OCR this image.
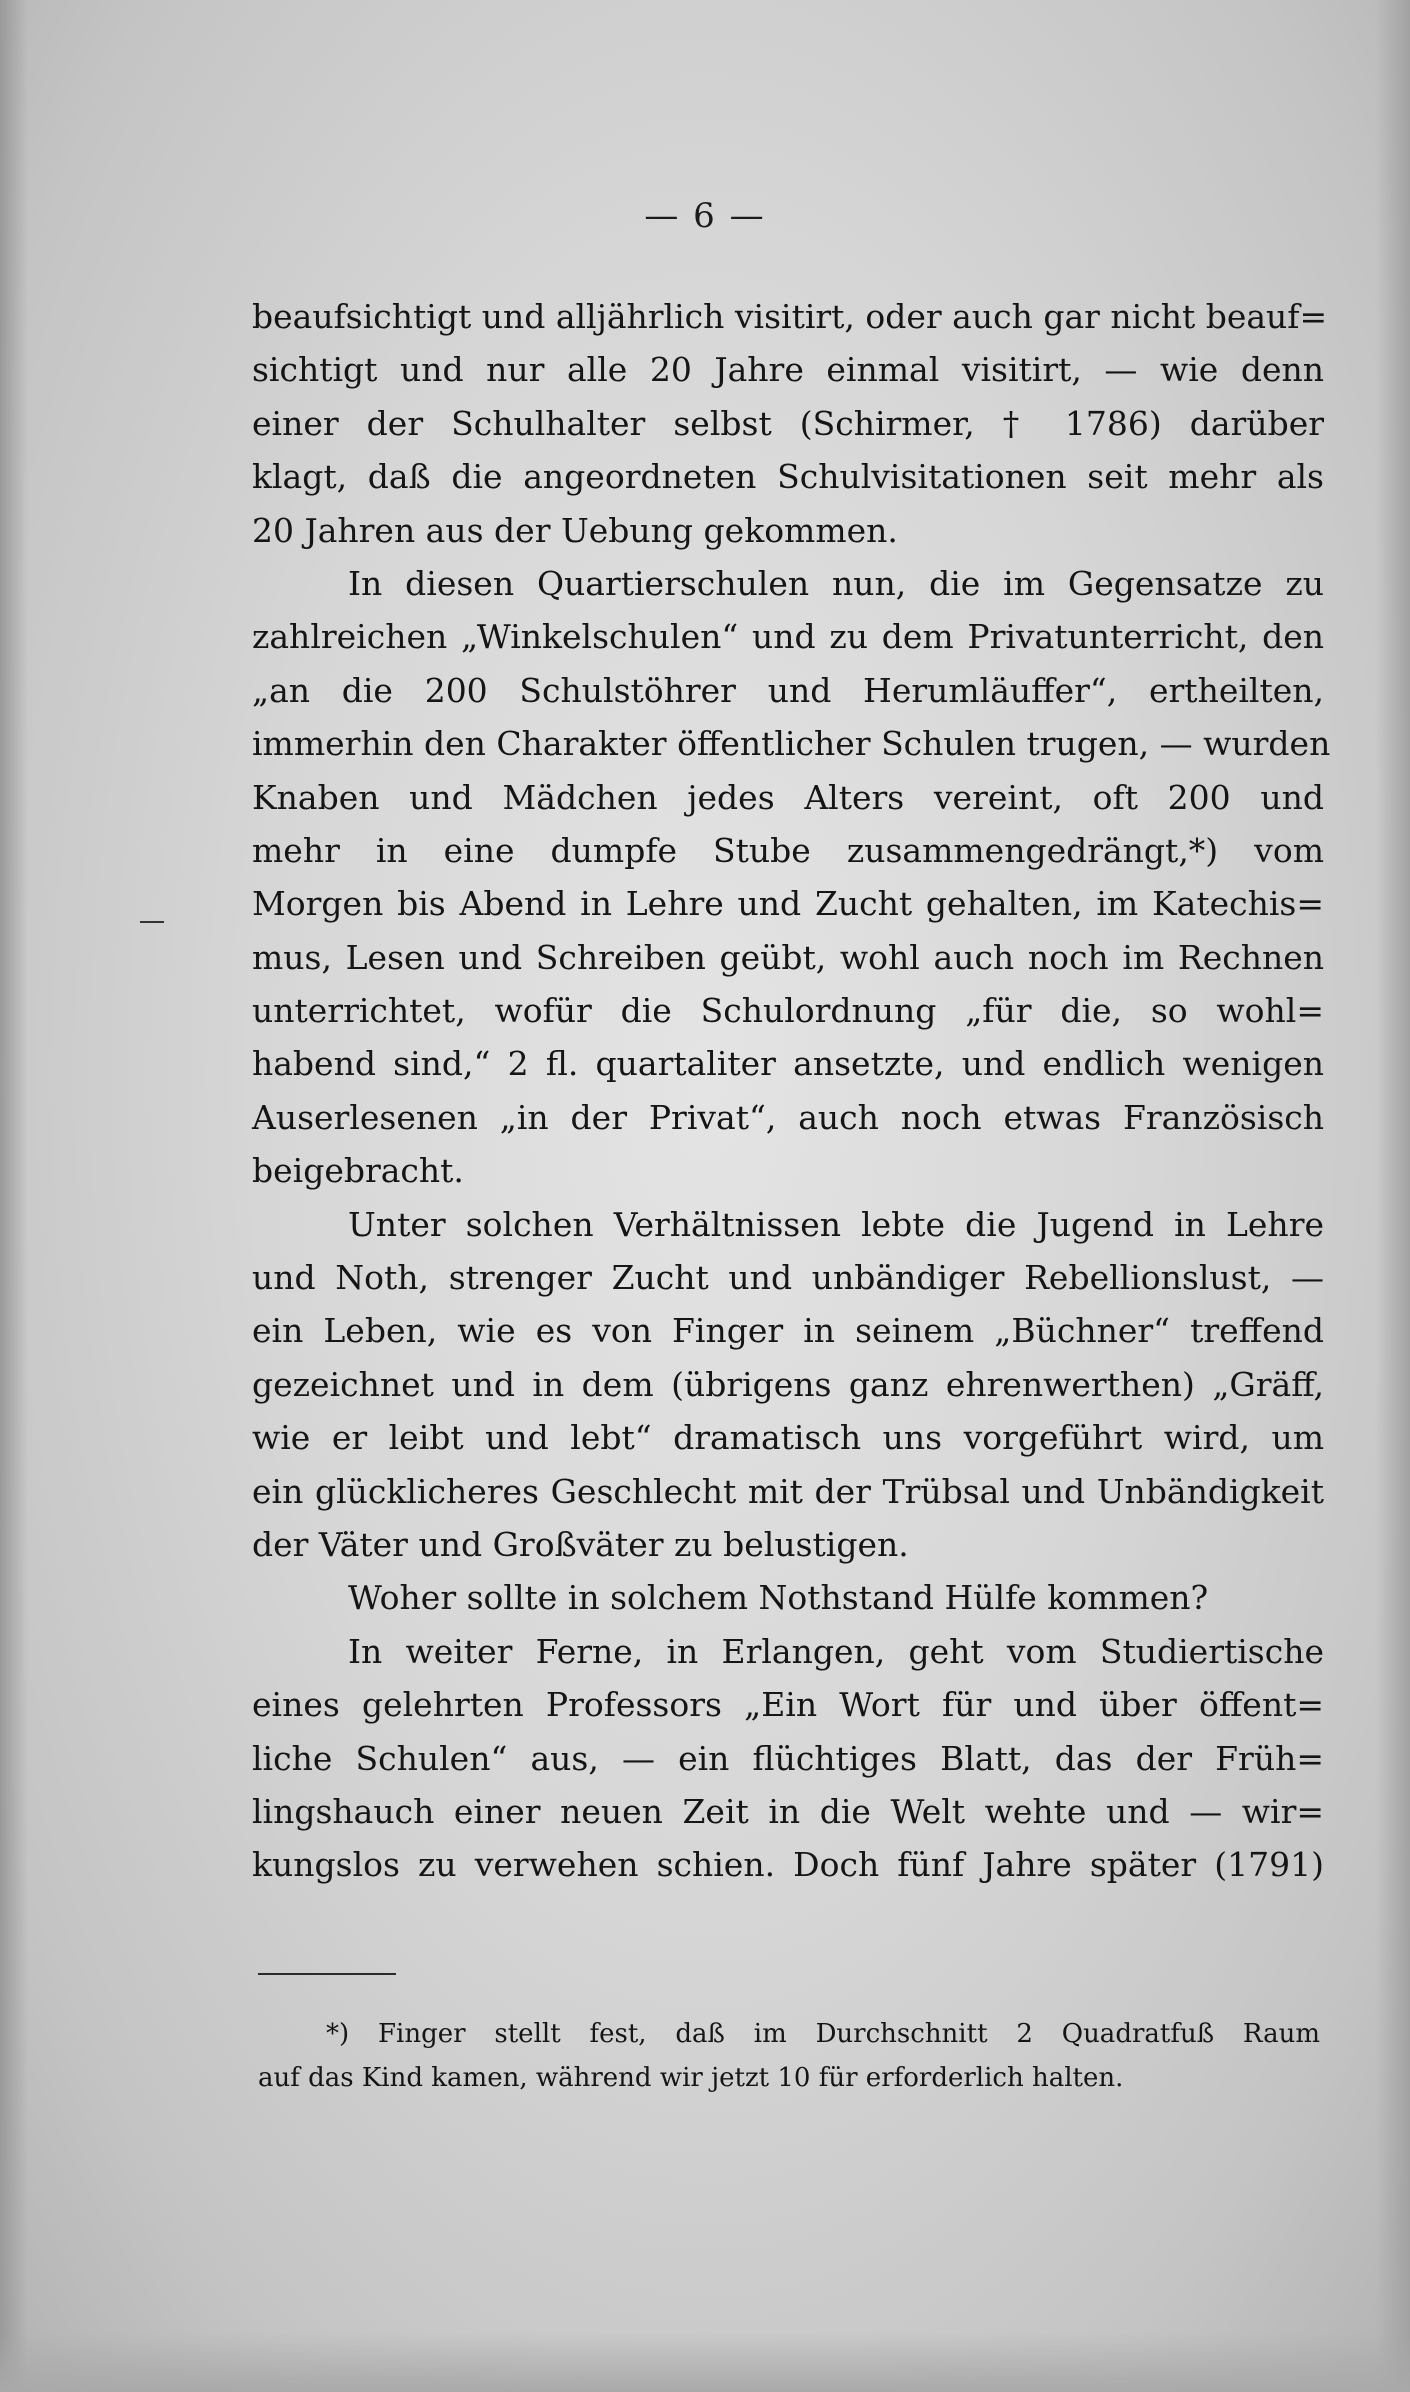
— 6 —
beaufsichtigt und alljährlich visitirt, oder auch gar nicht beauf=
sichtigt und nur alle 20 Jahre einmal visitirt, — wie denn
einer der Schulhalter selbst (Schirmer, † 1786) darüber
klagt, daß die angeordneten Schulvisitationen seit mehr als
20 Jahren aus der Uebung gekommen.
In diesen Quartierschulen nun, die im Gegensatze zu
zahlreichen „Winkelschulen“ und zu dem Privatunterricht, den
„an die 200 Schulstöhrer und Herumläuffer“, ertheilten,
immerhin den Charakter öffentlicher Schulen trugen, — wurden
Knaben und Mädchen jedes Alters vereint, oft 200 und
mehr in eine dumpfe Stube zusammengedrängt,*) vom
Morgen bis Abend in Lehre und Zucht gehalten, im Katechis=
mus, Lesen und Schreiben geübt, wohl auch noch im Rechnen
unterrichtet, wofür die Schulordnung „für die, so wohl=
habend sind,“ 2 fl. quartaliter ansetzte, und endlich wenigen
Auserlesenen „in der Privat“, auch noch etwas Französisch
beigebracht.
Unter solchen Verhältnissen lebte die Jugend in Lehre
und Noth, strenger Zucht und unbändiger Rebellionslust, —
ein Leben, wie es von Finger in seinem „Büchner“ treffend
gezeichnet und in dem (übrigens ganz ehrenwerthen) „Gräff,
wie er leibt und lebt“ dramatisch uns vorgeführt wird, um
ein glücklicheres Geschlecht mit der Trübsal und Unbändigkeit
der Väter und Großväter zu belustigen.
Woher sollte in solchem Nothstand Hülfe kommen?
In weiter Ferne, in Erlangen, geht vom Studiertische
eines gelehrten Professors „Ein Wort für und über öffent=
liche Schulen“ aus, — ein flüchtiges Blatt, das der Früh=
lingshauch einer neuen Zeit in die Welt wehte und — wir=
kungslos zu verwehen schien. Doch fünf Jahre später (1791)
*) Finger stellt fest, daß im Durchschnitt 2 Quadratfuß Raum
auf das Kind kamen, während wir jetzt 10 für erforderlich halten.
